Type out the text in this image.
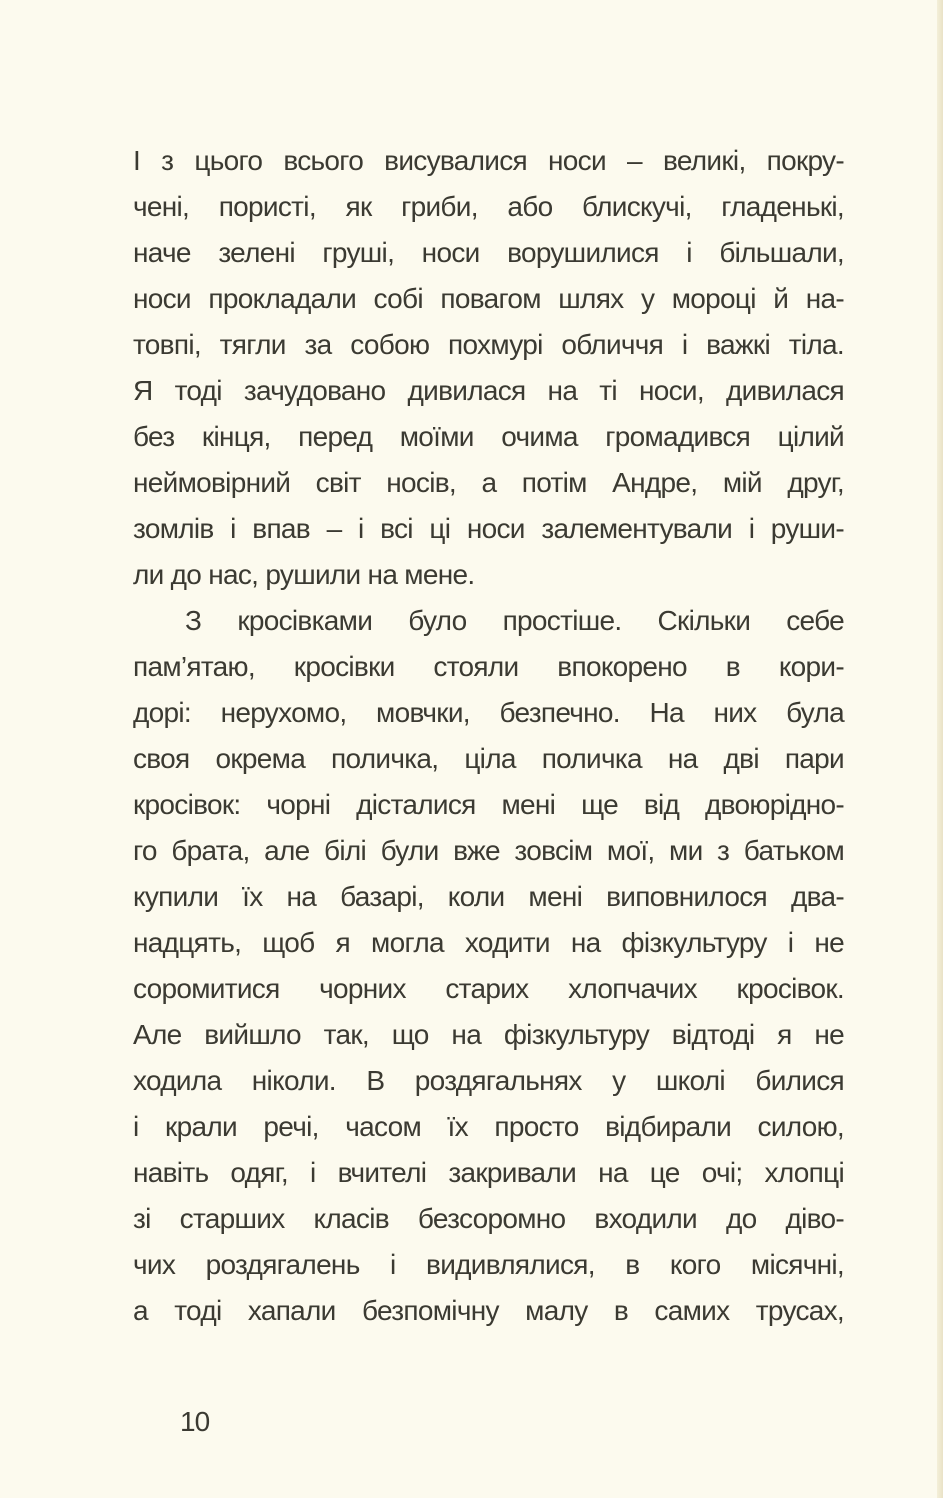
І з цього всього висувалися носи – великі, покру-
чені, пористі, як гриби, або блискучі, гладенькі,
наче зелені груші, носи ворушилися і більшали,
носи прокладали собі повагом шлях у мороці й на-
товпі, тягли за собою похмурі обличчя і важкі тіла.
Я тоді зачудовано дивилася на ті носи, дивилася
без кінця, перед моїми очима громадився цілий
неймовірний світ носів, а потім Андре, мій друг,
зомлів і впав – і всі ці носи залементували і руши-
ли до нас, рушили на мене.
З кросівками було простіше. Скільки себе
пам’ятаю, кросівки стояли впокорено в кори-
дорі: нерухомо, мовчки, безпечно. На них була
своя окрема поличка, ціла поличка на дві пари
кросівок: чорні дісталися мені ще від двоюрідно-
го брата, але білі були вже зовсім мої, ми з батьком
купили їх на базарі, коли мені виповнилося два-
надцять, щоб я могла ходити на фізкультуру і не
соромитися чорних старих хлопчачих кросівок.
Але вийшло так, що на фізкультуру відтоді я не
ходила ніколи. В роздягальнях у школі билися
і крали речі, часом їх просто відбирали силою,
навіть одяг, і вчителі закривали на це очі; хлопці
зі старших класів безсоромно входили до діво-
чих роздягалень і видивлялися, в кого місячні,
а тоді хапали безпомічну малу в самих трусах,
10
